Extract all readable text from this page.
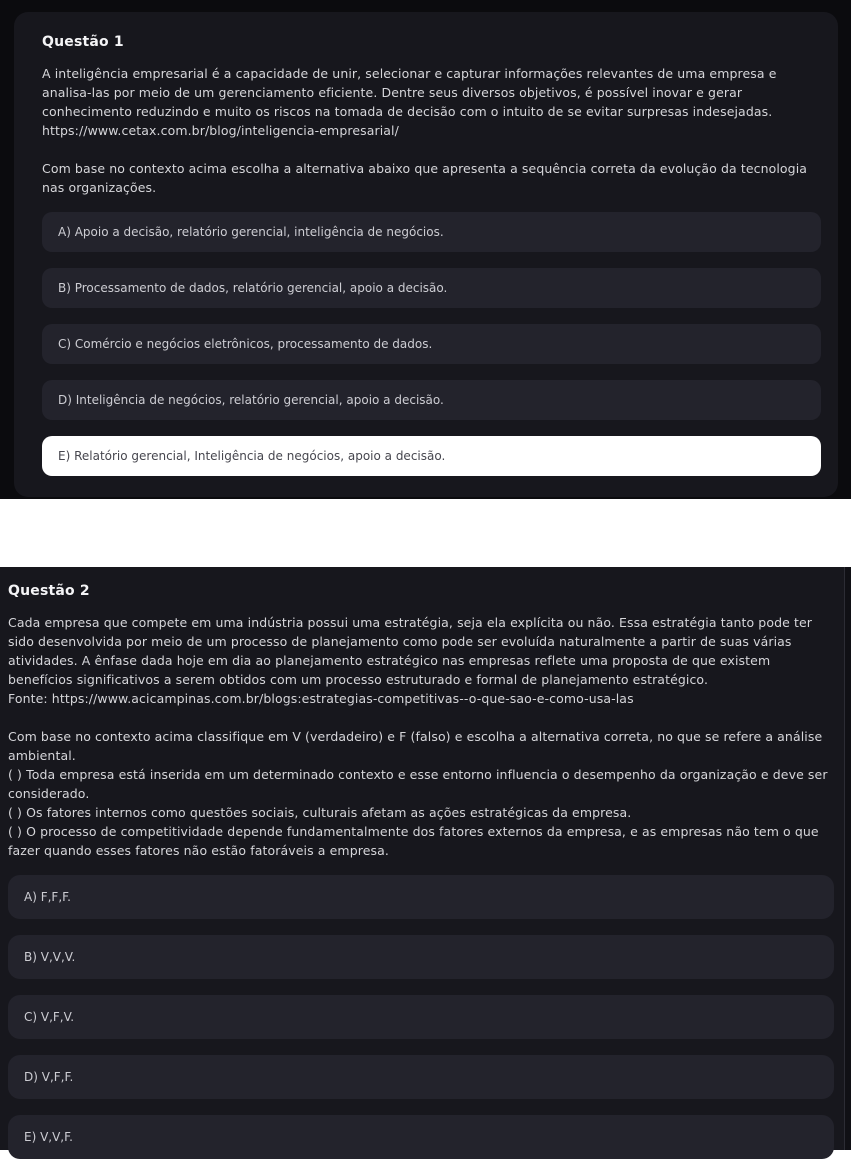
Questão 1

A inteligência empresarial é a capacidade de unir, selecionar e capturar informações relevantes de uma empresa e analisa-las por meio de um gerenciamento eficiente. Dentre seus diversos objetivos, é possível inovar e gerar conhecimento reduzindo e muito os riscos na tomada de decisão com o intuito de se evitar surpresas indesejadas.
https://www.cetax.com.br/blog/inteligencia-empresarial/

Com base no contexto acima escolha a alternativa abaixo que apresenta a sequência correta da evolução da tecnologia nas organizações.

A) Apoio a decisão, relatório gerencial, inteligência de negócios.
B) Processamento de dados, relatório gerencial, apoio a decisão.
C) Comércio e negócios eletrônicos, processamento de dados.
D) Inteligência de negócios, relatório gerencial, apoio a decisão.
E) Relatório gerencial, Inteligência de negócios, apoio a decisão.
Questão 2

Cada empresa que compete em uma indústria possui uma estratégia, seja ela explícita ou não. Essa estratégia tanto pode ter sido desenvolvida por meio de um processo de planejamento como pode ser evoluída naturalmente a partir de suas várias atividades. A ênfase dada hoje em dia ao planejamento estratégico nas empresas reflete uma proposta de que existem benefícios significativos a serem obtidos com um processo estruturado e formal de planejamento estratégico.
Fonte: https://www.acicampinas.com.br/blogs:estrategias-competitivas--o-que-sao-e-como-usa-las

Com base no contexto acima classifique em V (verdadeiro) e F (falso) e escolha a alternativa correta, no que se refere a análise ambiental.
( ) Toda empresa está inserida em um determinado contexto e esse entorno influencia o desempenho da organização e deve ser considerado.
( ) Os fatores internos como questões sociais, culturais afetam as ações estratégicas da empresa.
( ) O processo de competitividade depende fundamentalmente dos fatores externos da empresa, e as empresas não tem o que fazer quando esses fatores não estão fatoráveis a empresa.
A) F,F,F.
B) V,V,V.
C) V,F,V.
D) V,F,F.
E) V,V,F.
